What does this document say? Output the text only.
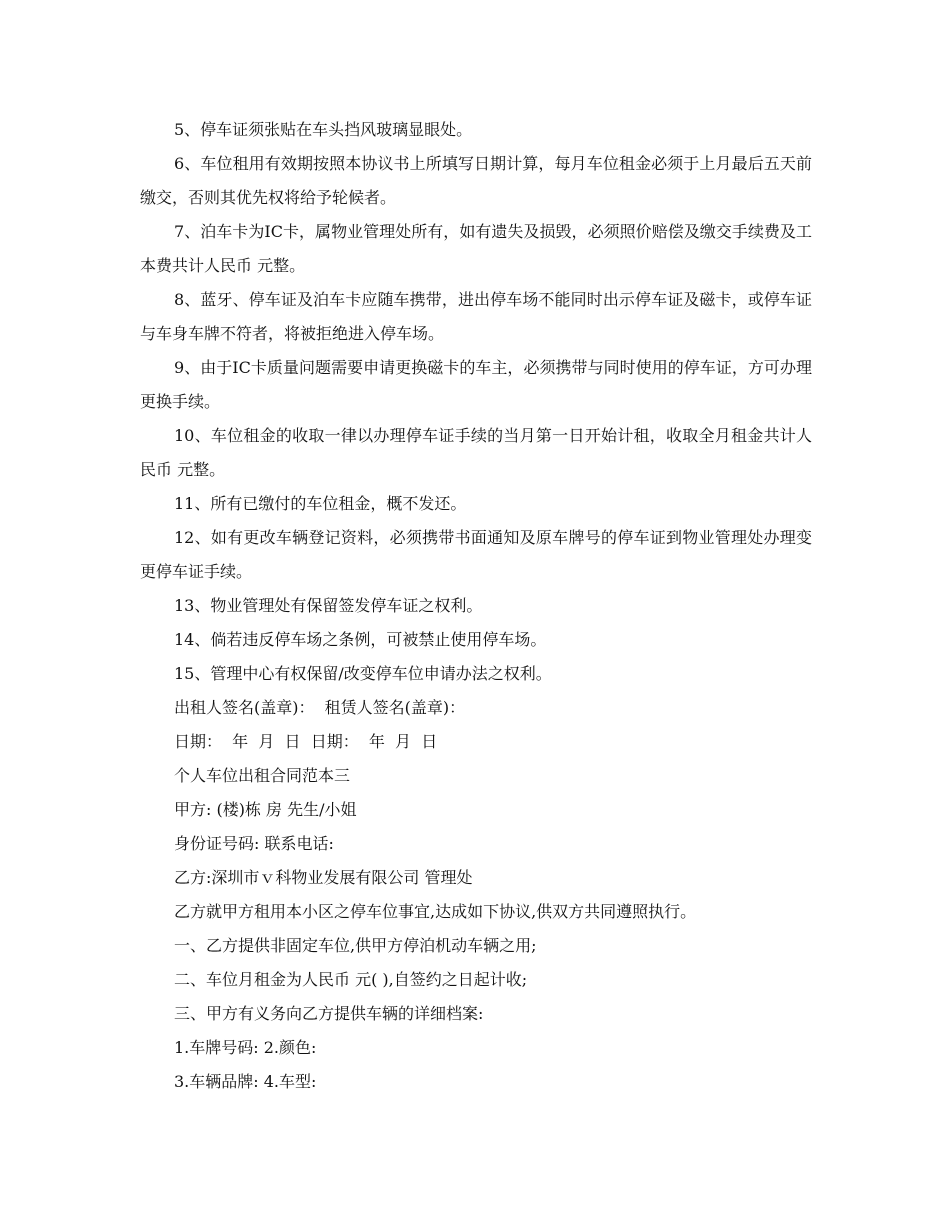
5、停车证须张贴在车头挡风玻璃显眼处。

6、车位租用有效期按照本协议书上所填写日期计算，每月车位租金必须于上月最后五天前缴交，否则其优先权将给予轮候者。

7、泊车卡为IC卡，属物业管理处所有，如有遗失及损毁，必须照价赔偿及缴交手续费及工本费共计人民币 元整。

8、蓝牙、停车证及泊车卡应随车携带，进出停车场不能同时出示停车证及磁卡，或停车证与车身车牌不符者，将被拒绝进入停车场。

9、由于IC卡质量问题需要申请更换磁卡的车主，必须携带与同时使用的停车证，方可办理更换手续。

10、车位租金的收取一律以办理停车证手续的当月第一日开始计租，收取全月租金共计人民币 元整。

11、所有已缴付的车位租金，概不发还。

12、如有更改车辆登记资料，必须携带书面通知及原车牌号的停车证到物业管理处办理变更停车证手续。

13、物业管理处有保留签发停车证之权利。

14、倘若违反停车场之条例，可被禁止使用停车场。

15、管理中心有权保留/改变停车位申请办法之权利。

出租人签名(盖章)：  租赁人签名(盖章)：

日期：  年  月  日  日期：  年  月  日

个人车位出租合同范本三

甲方: (楼)栋 房 先生/小姐

身份证号码: 联系电话:

乙方:深圳市ｖ科物业发展有限公司 管理处

乙方就甲方租用本小区之停车位事宜,达成如下协议,供双方共同遵照执行。

一、乙方提供非固定车位,供甲方停泊机动车辆之用;

二、车位月租金为人民币 元( ),自签约之日起计收;

三、甲方有义务向乙方提供车辆的详细档案:

1.车牌号码: 2.颜色:

3.车辆品牌: 4.车型:
